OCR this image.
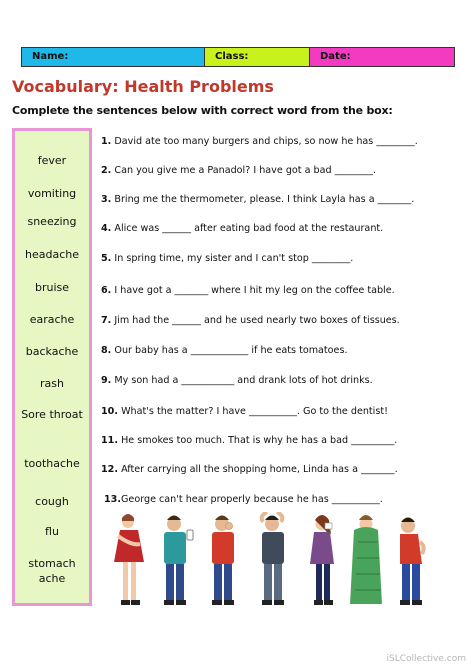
Name:	Class:	Date:
Vocabulary: Health Problems
Complete the sentences below with correct word from the box:
fever
vomiting
sneezing
headache
bruise
earache
backache
rash
Sore throat
toothache
cough
flu
stomach ache
1. David ate too many burgers and chips, so now he has ________.
2. Can you give me a Panadol? I have got a bad ________.
3. Bring me the thermometer, please. I think Layla has a _______.
4. Alice was ______ after eating bad food at the restaurant.
5. In spring time, my sister and I can't stop ________.
6. I have got a _______ where I hit my leg on the coffee table.
7. Jim had the ______ and he used nearly two boxes of tissues.
8. Our baby has a ____________ if he eats tomatoes.
9. My son had a ___________ and drank lots of hot drinks.
10. What's the matter? I have __________. Go to the dentist!
11. He smokes too much. That is why he has a bad _________.
12. After carrying all the shopping home, Linda has a _______.
13.George can't hear properly because he has __________.
iSLCollective.com
